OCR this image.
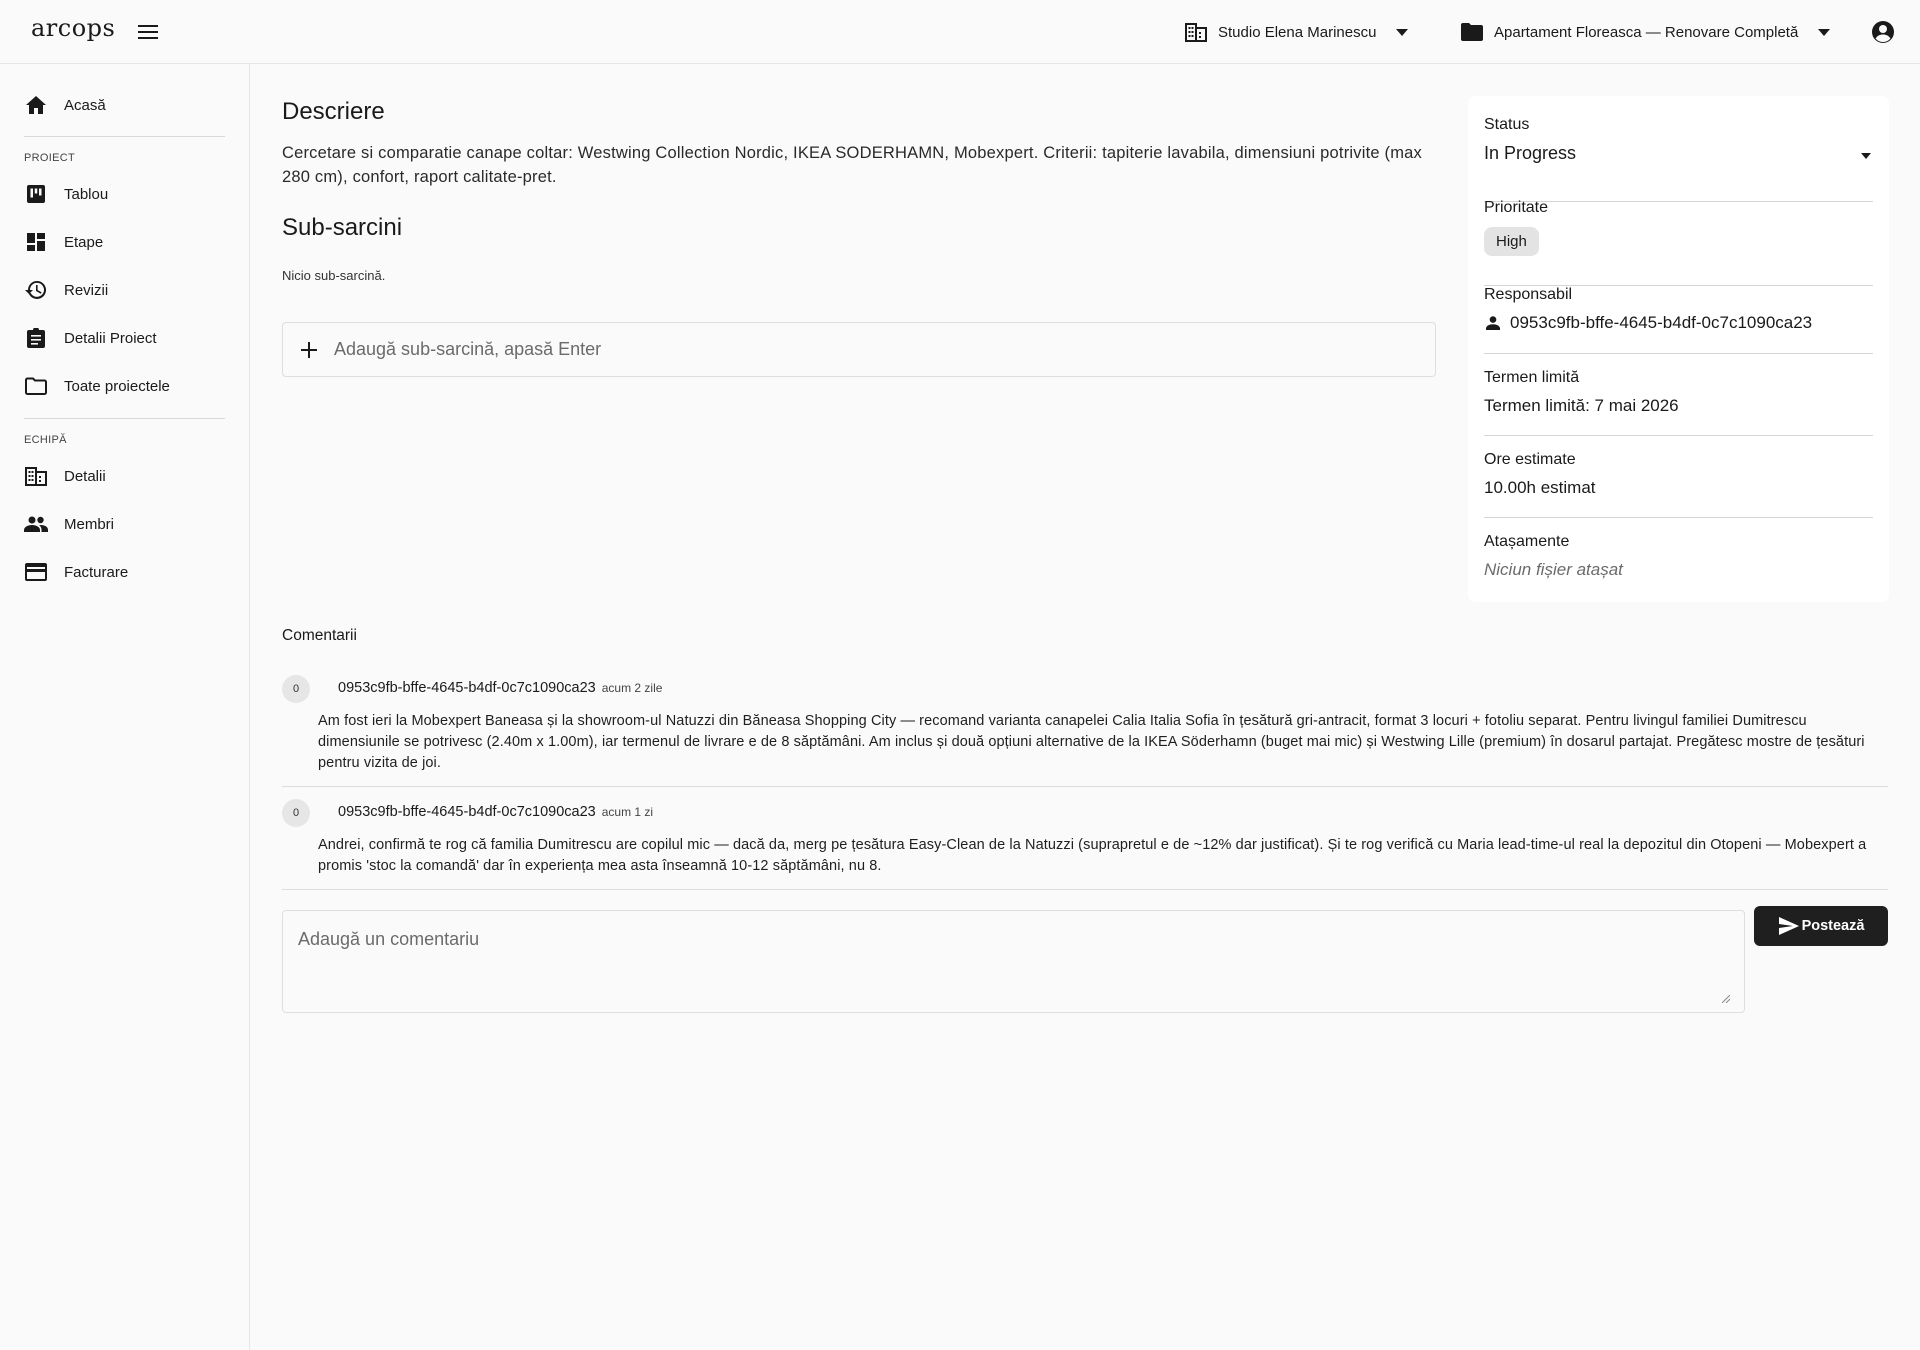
arcops	Studio Elena Marinescu	Apartament Floreasca — Renovare Completă
Acasă
PROIECT
Tablou
Etape
Revizii
Detalii Proiect
Toate proiectele
ECHIPĂ
Detalii
Membri
Facturare
Descriere
Cercetare si comparatie canape coltar: Westwing Collection Nordic, IKEA SODERHAMN, Mobexpert. Criterii: tapiterie lavabila, dimensiuni potrivite (max 280 cm), confort, raport calitate-pret.
Sub-sarcini
Nicio sub-sarcină.
Adaugă sub-sarcină, apasă Enter
Status
In Progress
Prioritate
High
Responsabil
0953c9fb-bffe-4645-b4df-0c7c1090ca23
Termen limită
Termen limită: 7 mai 2026
Ore estimate
10.00h estimat
Atașamente
Niciun fișier atașat
Comentarii
0	0953c9fb-bffe-4645-b4df-0c7c1090ca23 acum 2 zile
Am fost ieri la Mobexpert Baneasa și la showroom-ul Natuzzi din Băneasa Shopping City — recomand varianta canapelei Calia Italia Sofia în țesătură gri-antracit, format 3 locuri + fotoliu separat. Pentru livingul familiei Dumitrescu dimensiunile se potrivesc (2.40m x 1.00m), iar termenul de livrare e de 8 săptămâni. Am inclus și două opțiuni alternative de la IKEA Söderhamn (buget mai mic) și Westwing Lille (premium) în dosarul partajat. Pregătesc mostre de țesături pentru vizita de joi.
0	0953c9fb-bffe-4645-b4df-0c7c1090ca23 acum 1 zi
Andrei, confirmă te rog că familia Dumitrescu are copilul mic — dacă da, merg pe țesătura Easy-Clean de la Natuzzi (suprapretul e de ~12% dar justificat). Și te rog verifică cu Maria lead-time-ul real la depozitul din Otopeni — Mobexpert a promis 'stoc la comandă' dar în experiența mea asta înseamnă 10-12 săptămâni, nu 8.
Adaugă un comentariu
Postează
